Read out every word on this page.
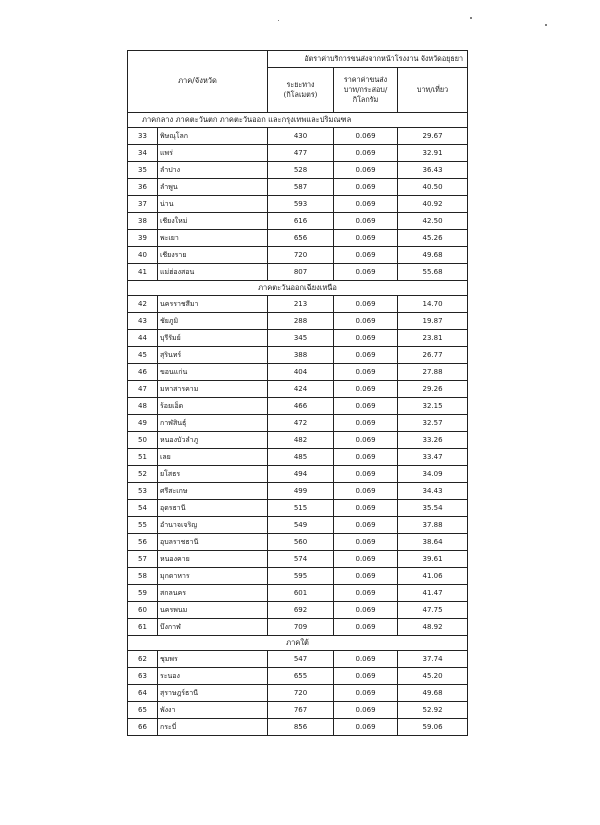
ภาค/จังหวัด		อัตราค่าบริการขนส่งจากหน้าโรงงาน จังหวัดอยุธยา		
		ระยะทาง (กิโลเมตร)	ราคาค่าขนส่ง บาท/กระสอบ/ กิโลกรัม	บาท/เที่ยว
ภาคกลาง ภาคตะวันตก ภาคตะวันออก และกรุงเทพและปริมณฑล				
33	พิษณุโลก	430	0.069	29.67
34	แพร่	477	0.069	32.91
35	ลำปาง	528	0.069	36.43
36	ลำพูน	587	0.069	40.50
37	น่าน	593	0.069	40.92
38	เชียงใหม่	616	0.069	42.50
39	พะเยา	656	0.069	45.26
40	เชียงราย	720	0.069	49.68
41	แม่ฮ่องสอน	807	0.069	55.68
ภาคตะวันออกเฉียงเหนือ				
42	นครราชสีมา	213	0.069	14.70
43	ชัยภูมิ	288	0.069	19.87
44	บุรีรัมย์	345	0.069	23.81
45	สุรินทร์	388	0.069	26.77
46	ขอนแก่น	404	0.069	27.88
47	มหาสารคาม	424	0.069	29.26
48	ร้อยเอ็ด	466	0.069	32.15
49	กาฬสินธุ์	472	0.069	32.57
50	หนองบัวลำภู	482	0.069	33.26
51	เลย	485	0.069	33.47
52	ยโสธร	494	0.069	34.09
53	ศรีสะเกษ	499	0.069	34.43
54	อุดรธานี	515	0.069	35.54
55	อำนาจเจริญ	549	0.069	37.88
56	อุบลราชธานี	560	0.069	38.64
57	หนองคาย	574	0.069	39.61
58	มุกดาหาร	595	0.069	41.06
59	สกลนคร	601	0.069	41.47
60	นครพนม	692	0.069	47.75
61	บึงกาฬ	709	0.069	48.92
ภาคใต้				
62	ชุมพร	547	0.069	37.74
63	ระนอง	655	0.069	45.20
64	สุราษฎร์ธานี	720	0.069	49.68
65	พังงา	767	0.069	52.92
66	กระบี่	856	0.069	59.06
